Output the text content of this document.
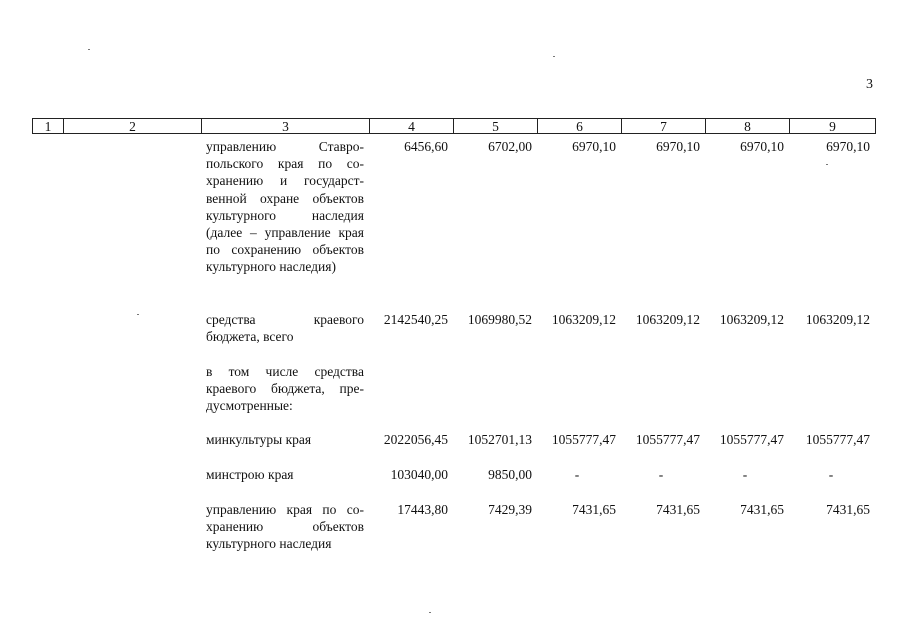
3
1	2	3	4	5	6	7	8	9
управлению Ставро-польского края по со-хранению и государст-венной охране объектов культурного наследия (далее – управление края по сохранению объектов культурного наследия)
6456,60	6702,00	6970,10	6970,10	6970,10	6970,10
средства краевого бюджета, всего
2142540,25	1069980,52	1063209,12	1063209,12	1063209,12	1063209,12
в том числе средства краевого бюджета, пре-дусмотренные:
минкультуры края	2022056,45	1052701,13	1055777,47	1055777,47	1055777,47	1055777,47
минстрою края	103040,00	9850,00	-	-	-	-
управлению края по со-хранению объектов культурного наследия
17443,80	7429,39	7431,65	7431,65	7431,65	7431,65
